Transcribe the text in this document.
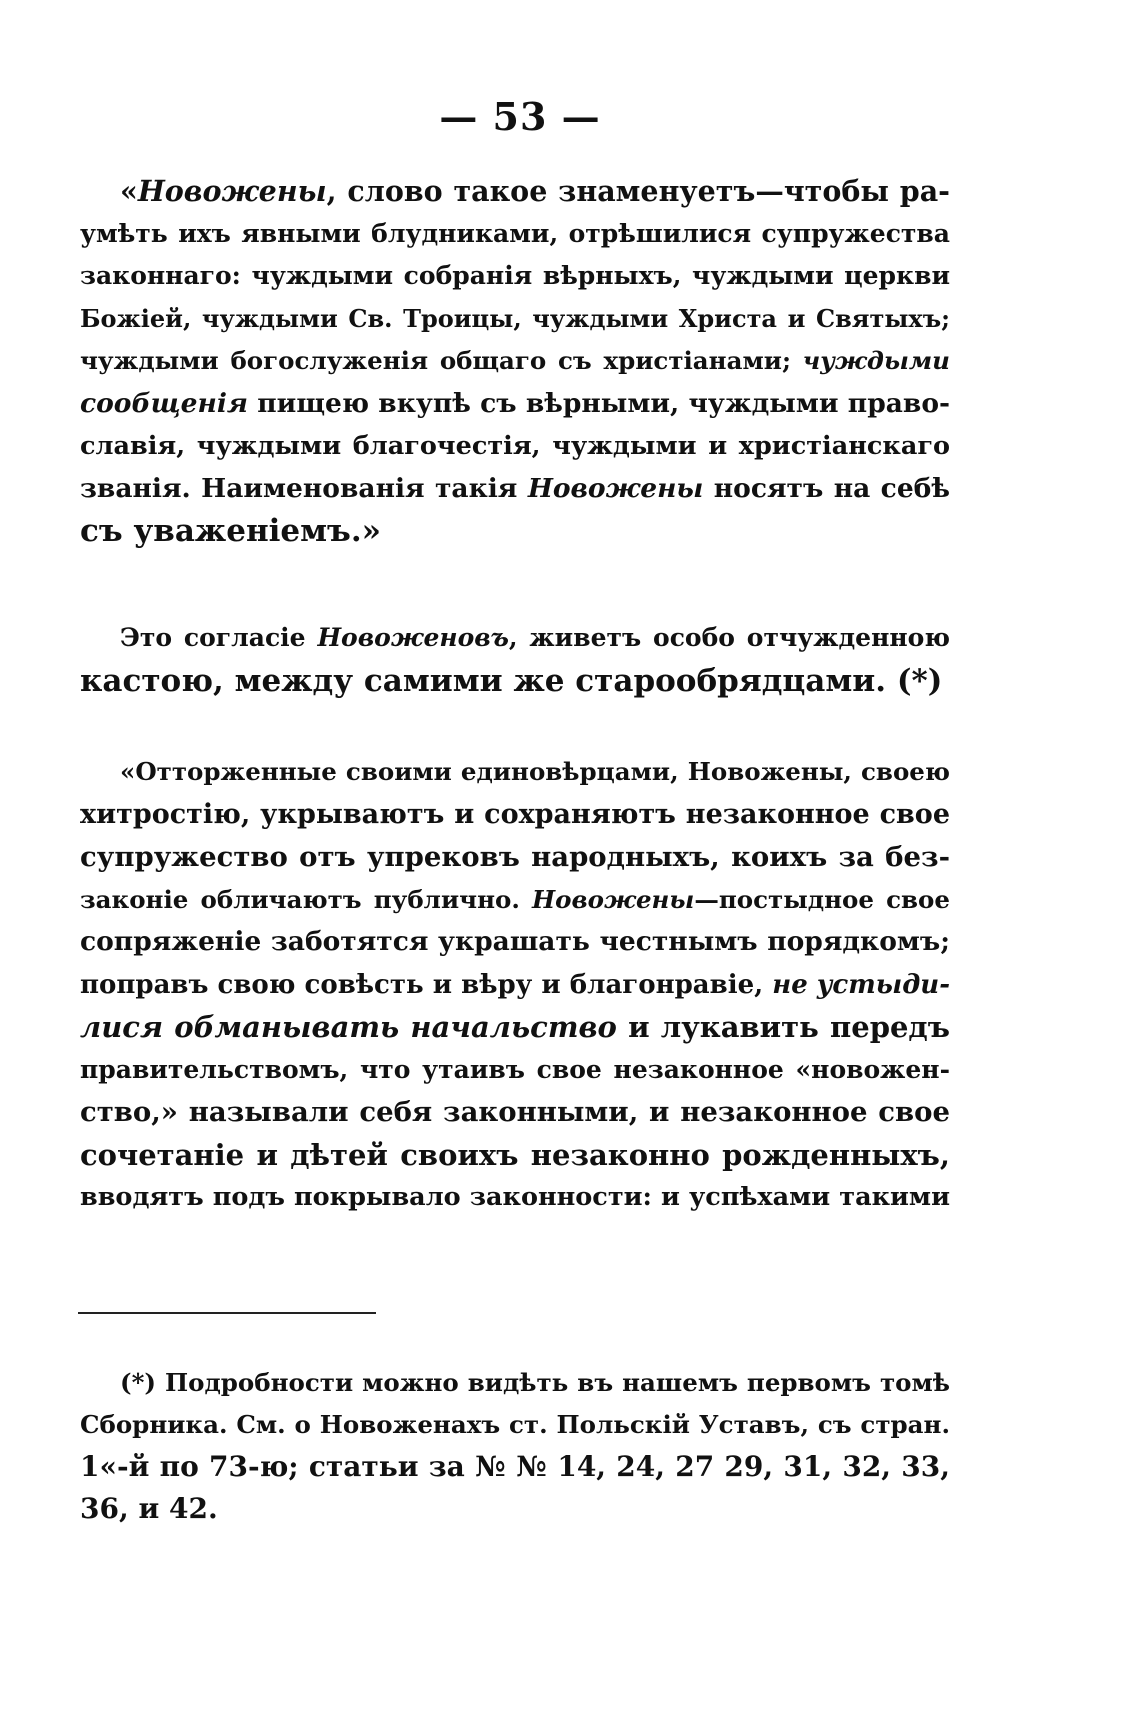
— 53 —
«Новожены, слово такое знаменуетъ—чтобы ра-
умѣть ихъ явными блудниками, отрѣшилися супружества
законнаго: чуждыми собранія вѣрныхъ, чуждыми церкви
Божіей, чуждыми Св. Троицы, чуждыми Христа и Святыхъ;
чуждыми богослуженія общаго съ христіанами; чуждыми
сообщенія пищею вкупѣ съ вѣрными, чуждыми право-
славія, чуждыми благочестія, чуждыми и христіанскаго
званія. Наименованія такія Новожены носятъ на себѣ
съ уваженіемъ.»
Это согласіе Новоженовъ, живетъ особо отчужденною
кастою, между самими же старообрядцами. (*)
«Отторженные своими единовѣрцами, Новожены, своею
хитростію, укрываютъ и сохраняютъ незаконное свое
супружество отъ упрековъ народныхъ, коихъ за без-
законіе обличаютъ публично. Новожены—постыдное свое
сопряженіе заботятся украшать честнымъ порядкомъ;
поправъ свою совѣсть и вѣру и благонравіе, не устыди-
лися обманывать начальство и лукавить передъ
правительствомъ, что утаивъ свое незаконное «новожен-
ство,» называли себя законными, и незаконное свое
сочетаніе и дѣтей своихъ незаконно рожденныхъ,
вводятъ подъ покрывало законности: и успѣхами такими
(*) Подробности можно видѣть въ нашемъ первомъ томѣ
Сборника. См. о Новоженахъ ст. Польскій Уставъ, съ стран.
1«-й по 73-ю; статьи за № № 14, 24, 27 29, 31, 32, 33,
36, и 42.
